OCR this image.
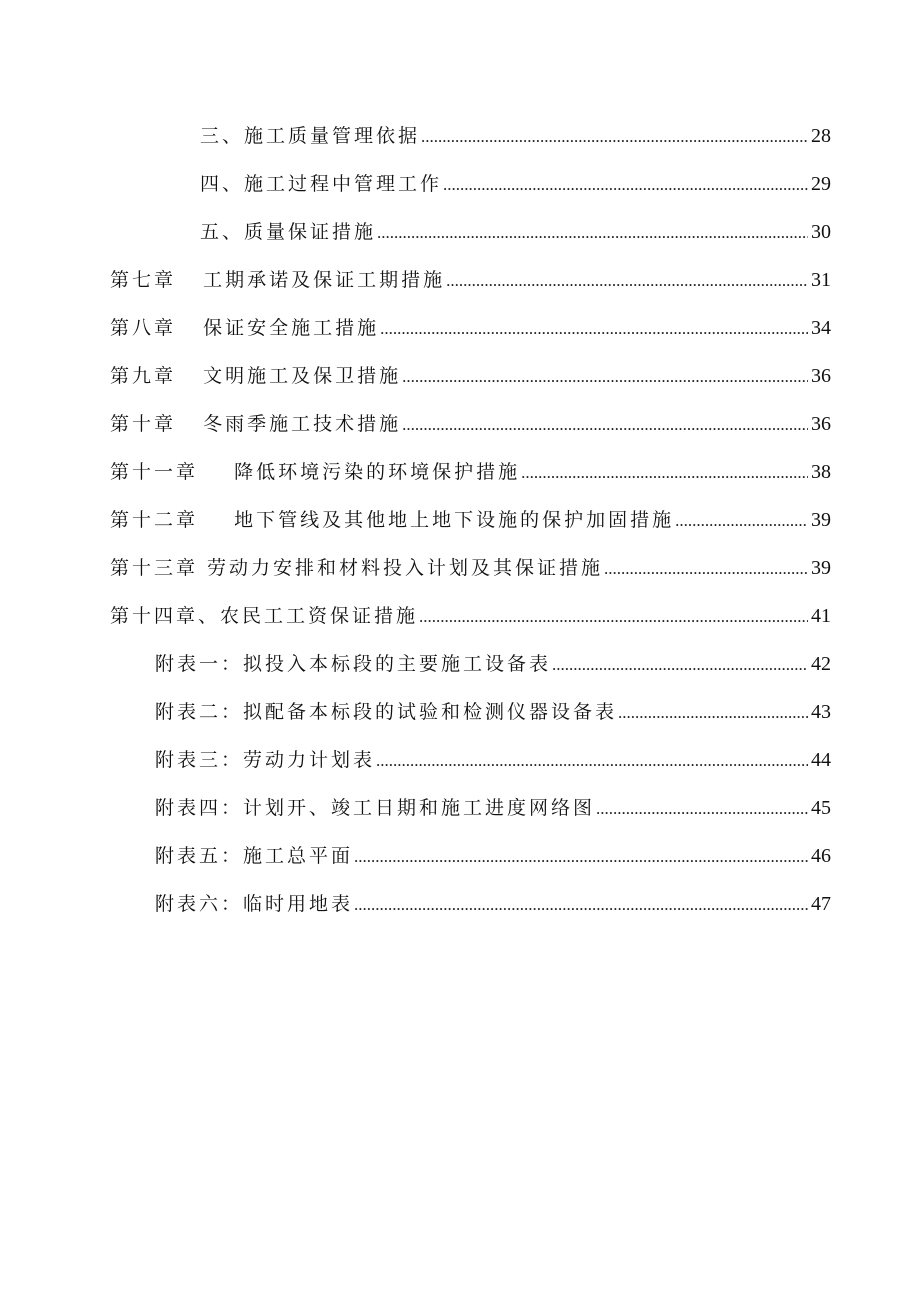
三、施工质量管理依据 .....	28
四、施工过程中管理工作 .....	29
五、质量保证措施 .....	30
第七章   工期承诺及保证工期措施 .....	31
第八章   保证安全施工措施 .....	34
第九章   文明施工及保卫措施 .....	36
第十章   冬雨季施工技术措施 .....	36
第十一章    降低环境污染的环境保护措施 .....	38
第十二章    地下管线及其他地上地下设施的保护加固措施 .....	39
第十三章 劳动力安排和材料投入计划及其保证措施 .....	39
第十四章、农民工工资保证措施 .....	41
附表一：拟投入本标段的主要施工设备表 .....	42
附表二：拟配备本标段的试验和检测仪器设备表 .....	43
附表三：劳动力计划表 .....	44
附表四：计划开、竣工日期和施工进度网络图 .....	45
附表五：施工总平面 .....	46
附表六：临时用地表 .....	47
